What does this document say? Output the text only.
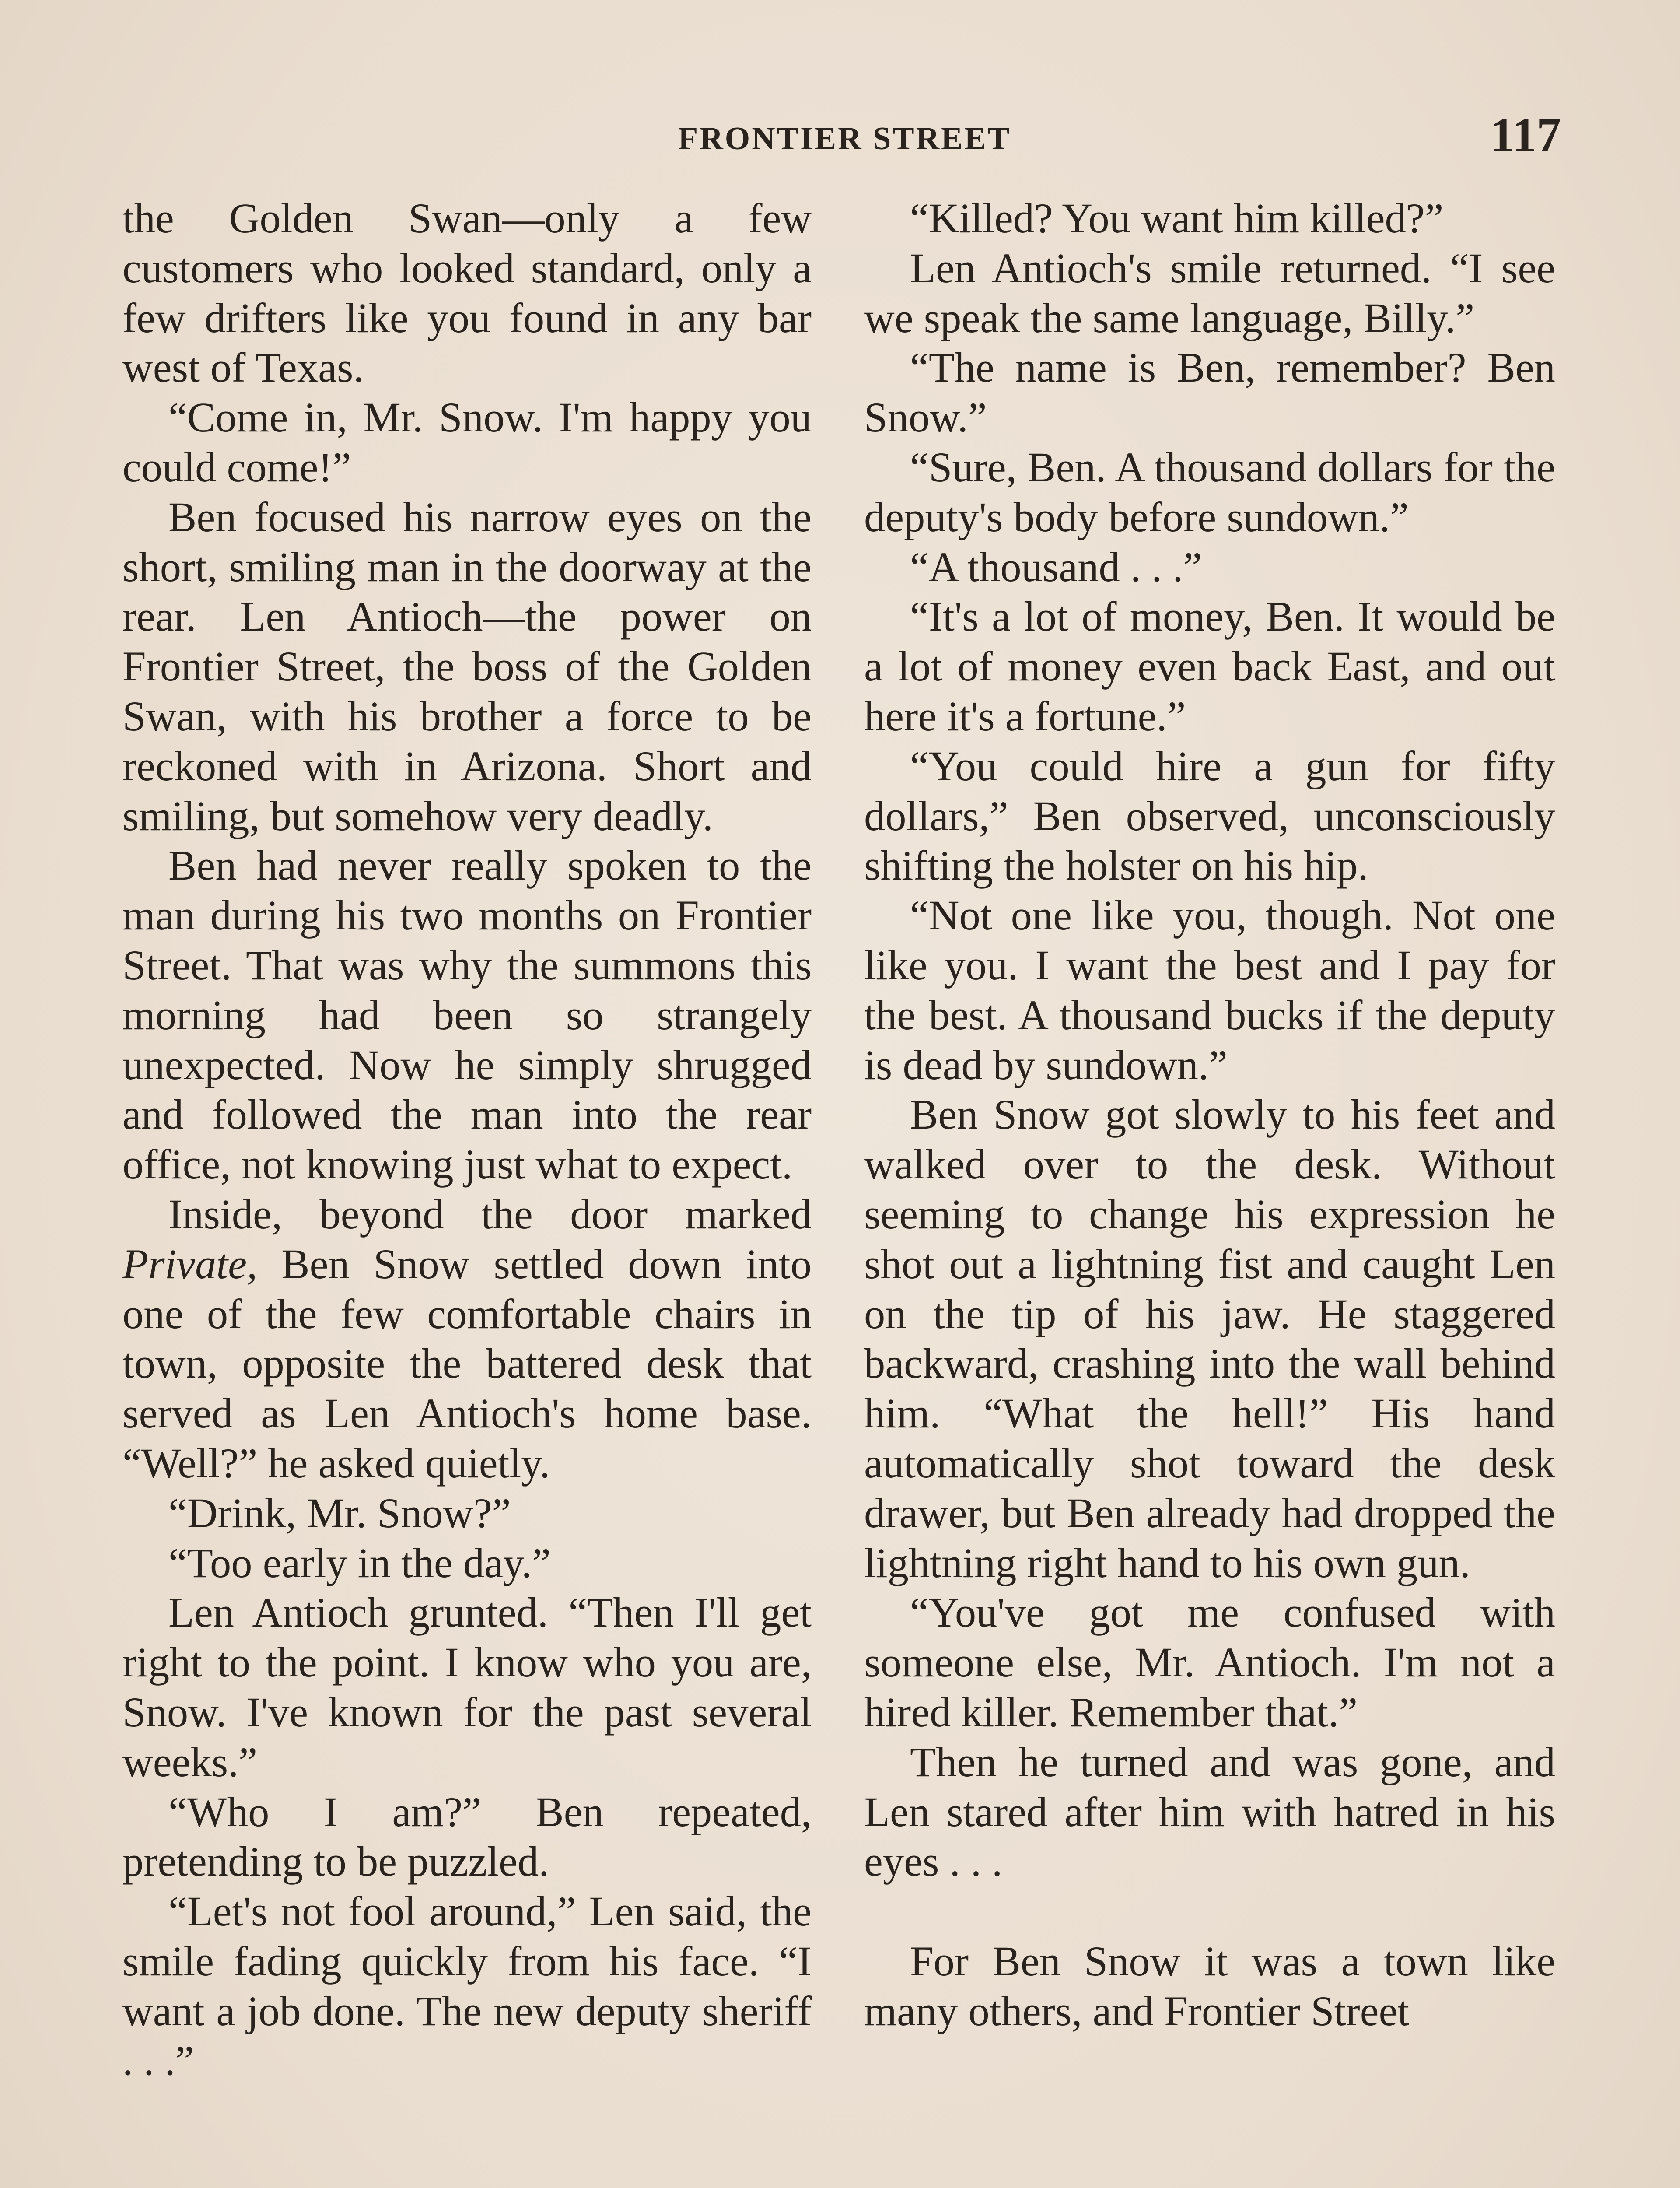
FRONTIER STREET	117

the Golden Swan—only a few customers who looked standard, only a few drifters like you found in any bar west of Texas.

“Come in, Mr. Snow. I'm happy you could come!”

Ben focused his narrow eyes on the short, smiling man in the doorway at the rear. Len Antioch—the power on Frontier Street, the boss of the Golden Swan, with his brother a force to be reckoned with in Arizona. Short and smiling, but somehow very deadly.

Ben had never really spoken to the man during his two months on Frontier Street. That was why the summons this morning had been so strangely unexpected. Now he simply shrugged and followed the man into the rear office, not knowing just what to expect.

Inside, beyond the door marked Private, Ben Snow settled down into one of the few comfortable chairs in town, opposite the battered desk that served as Len Antioch's home base. “Well?” he asked quietly.

“Drink, Mr. Snow?”

“Too early in the day.”

Len Antioch grunted. “Then I'll get right to the point. I know who you are, Snow. I've known for the past several weeks.”

“Who I am?” Ben repeated, pretending to be puzzled.

“Let's not fool around,” Len said, the smile fading quickly from his face. “I want a job done. The new deputy sheriff . . .”

“Killed? You want him killed?”

Len Antioch's smile returned. “I see we speak the same language, Billy.”

“The name is Ben, remember? Ben Snow.”

“Sure, Ben. A thousand dollars for the deputy's body before sundown.”

“A thousand . . .”

“It's a lot of money, Ben. It would be a lot of money even back East, and out here it's a fortune.”

“You could hire a gun for fifty dollars,” Ben observed, unconsciously shifting the holster on his hip.

“Not one like you, though. Not one like you. I want the best and I pay for the best. A thousand bucks if the deputy is dead by sundown.”

Ben Snow got slowly to his feet and walked over to the desk. Without seeming to change his expression he shot out a lightning fist and caught Len on the tip of his jaw. He staggered backward, crashing into the wall behind him. “What the hell!” His hand automatically shot toward the desk drawer, but Ben already had dropped the lightning right hand to his own gun.

“You've got me confused with someone else, Mr. Antioch. I'm not a hired killer. Remember that.”

Then he turned and was gone, and Len stared after him with hatred in his eyes . . .

For Ben Snow it was a town like many others, and Frontier Street
